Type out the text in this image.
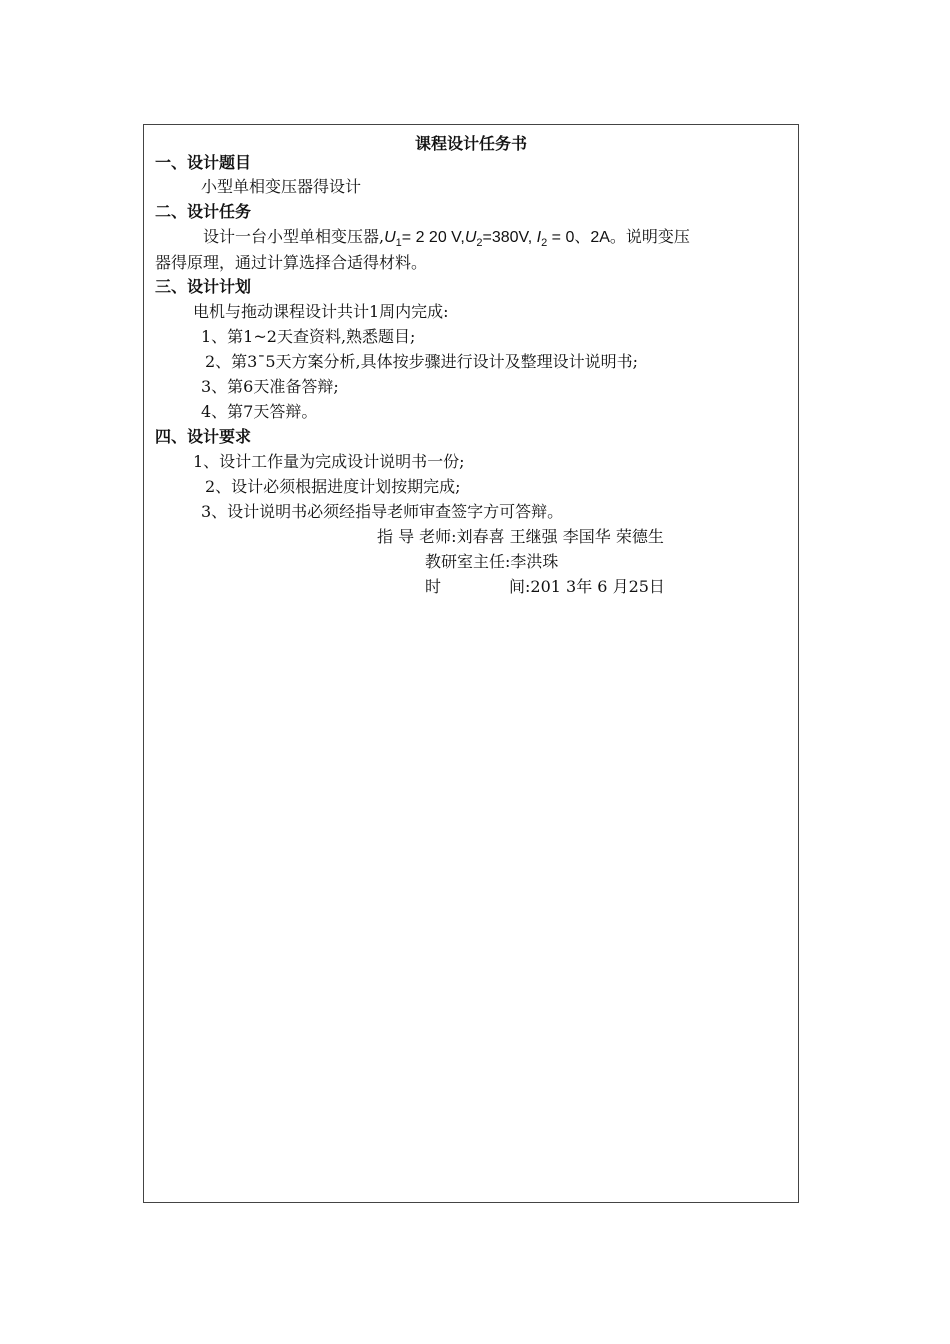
课程设计任务书
一、设计题目
小型单相变压器得设计
二、设计任务
设计一台小型单相变压器$,U_1= 2$ 20 $V,U_2=380V$, $I_2 = 0$、2A。说明变压
器得原理，通过计算选择合适得材料。
三、设计计划
电机与拖动课程设计共计1周内完成:
1、第1~2天查资料,熟悉题目;
2、第3¯5天方案分析,具体按步骤进行设计及整理设计说明书;
3、第6天准备答辩;
4、第7天答辩。
四、设计要求
1、设计工作量为完成设计说明书一份;
2、设计必须根据进度计划按期完成;
3、设计说明书必须经指导老师审查签字方可答辩。
指 导 老师:刘春喜 王继强 李国华 荣德生
教研室主任:李洪珠
时	间:201 3年 6 月25日
